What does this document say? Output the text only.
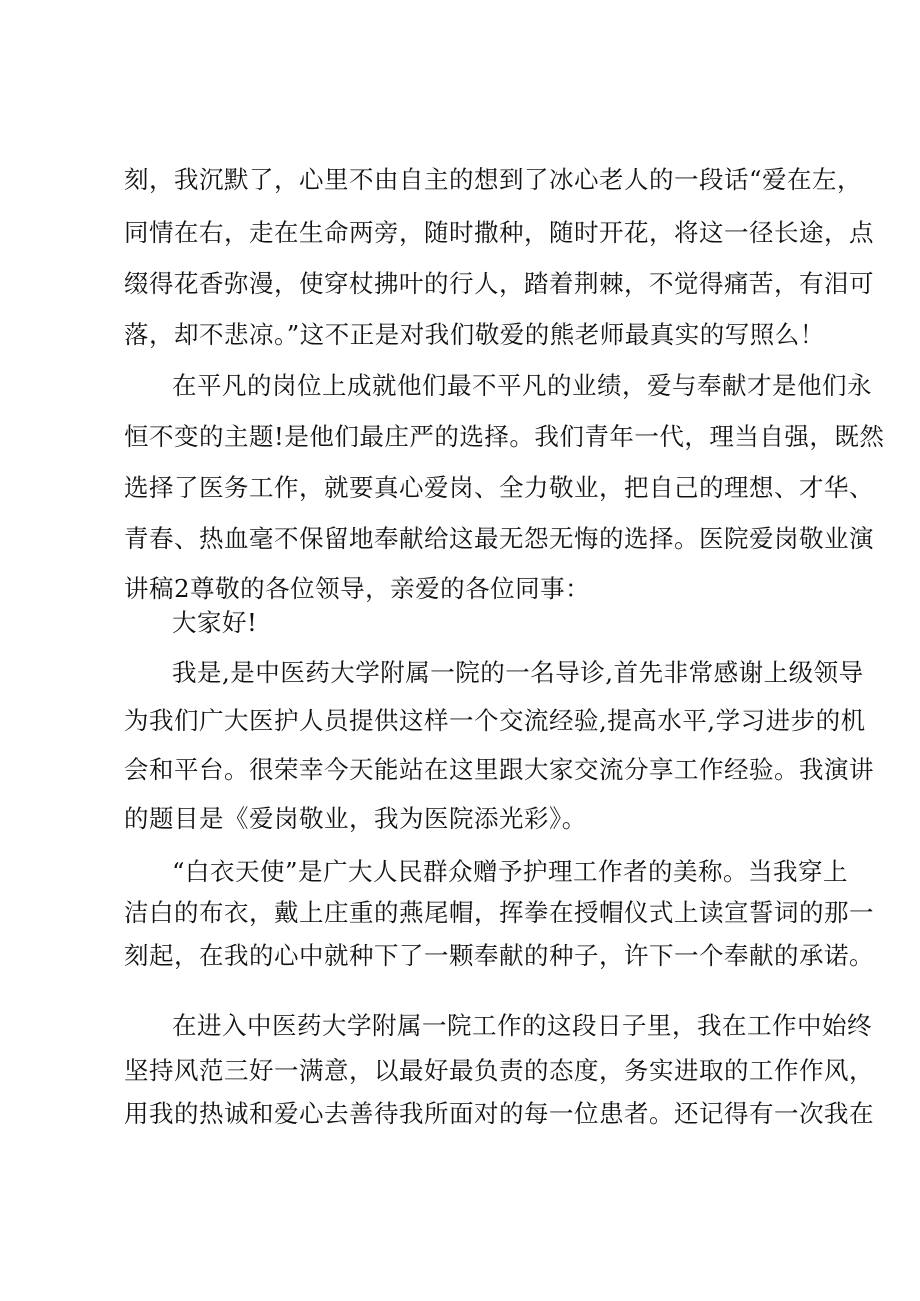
刻，我沉默了，心里不由自主的想到了冰心老人的一段话“爱在左，
同情在右，走在生命两旁，随时撒种，随时开花，将这一径长途，点
缀得花香弥漫，使穿杖拂叶的行人，踏着荆棘，不觉得痛苦，有泪可
落，却不悲凉。”这不正是对我们敬爱的熊老师最真实的写照么！
在平凡的岗位上成就他们最不平凡的业绩，爱与奉献才是他们永
恒不变的主题!是他们最庄严的选择。我们青年一代，理当自强，既然
选择了医务工作，就要真心爱岗、全力敬业，把自己的理想、才华、
青春、热血毫不保留地奉献给这最无怨无悔的选择。医院爱岗敬业演
讲稿2尊敬的各位领导，亲爱的各位同事：
大家好!
我是,是中医药大学附属一院的一名导诊,首先非常感谢上级领导
为我们广大医护人员提供这样一个交流经验,提高水平,学习进步的机
会和平台。很荣幸今天能站在这里跟大家交流分享工作经验。我演讲
的题目是《爱岗敬业，我为医院添光彩》。
“白衣天使”是广大人民群众赠予护理工作者的美称。当我穿上
洁白的布衣，戴上庄重的燕尾帽，挥拳在授帽仪式上读宣誓词的那一
刻起，在我的心中就种下了一颗奉献的种子，许下一个奉献的承诺。
在进入中医药大学附属一院工作的这段日子里，我在工作中始终
坚持风范三好一满意，以最好最负责的态度，务实进取的工作作风，
用我的热诚和爱心去善待我所面对的每一位患者。还记得有一次我在
